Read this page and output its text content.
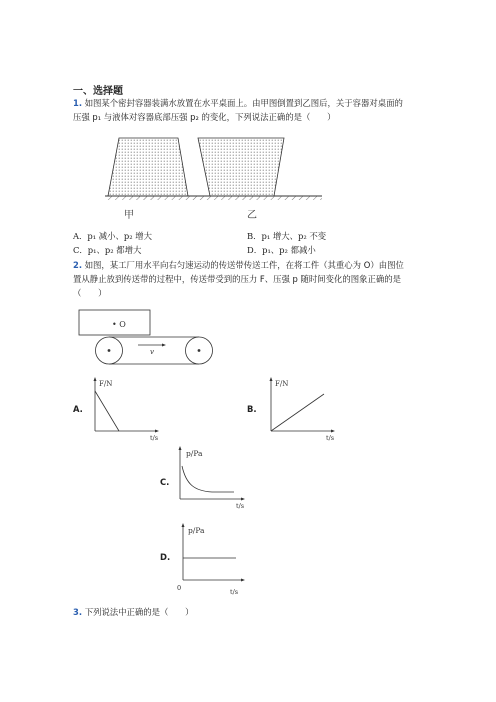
一、选择题
1. 如图某个密封容器装满水放置在水平桌面上。由甲图倒置到乙图后，关于容器对桌面的
压强 p₁ 与液体对容器底部压强 p₂ 的变化，下列说法正确的是（　　）
甲	乙
A．p₁ 减小、p₂ 增大	B．p₁ 增大、p₂ 不变
C．p₁、p₂ 都增大	D．p₁、p₂ 都减小
2. 如图，某工厂用水平向右匀速运动的传送带传送工件，在将工件（其重心为 O）由图位
置从静止放到传送带的过程中，传送带受到的压力 F、压强 p 随时间变化的图象正确的是
（　　）
• O
v
A.
F/N
t/s
B.
F/N
t/s
C.
p/Pa
t/s
D.
p/Pa
0	t/s
3. 下列说法中正确的是（　　）
